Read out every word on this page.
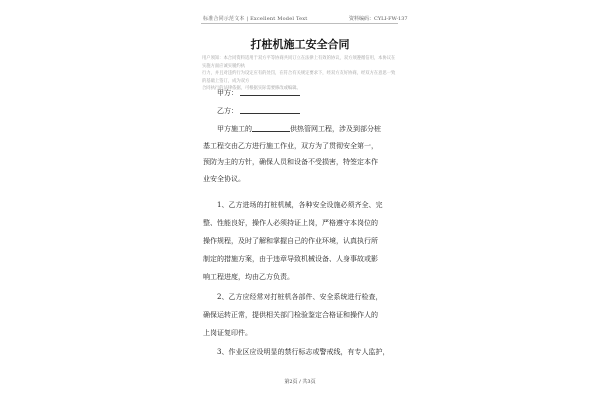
标准合同示范文本 | Excellent Model Text	资料编码：CYLI-FW-137
打桩机施工安全合同
用户须知：本合同资料适用于双方平等协商共同订立在法律上有效的协议，双方须遵循信用，本协议在实施方面应诚实履约执
行力，并且对违约行为设定应有的处罚，在符合有关规定要求下，经双方友好协商，经双方在意思一致的基础上签订，成为双方
合同执行的法律依据，可根据实际需要修改或编辑。
甲方：
乙方：
甲方施工的	供热管网工程，涉及到部分桩
基工程交由乙方进行施工作业，双方为了贯彻安全第一，
预防为主的方针，确保人员和设备不受损害，特签定本作
业安全协议。
1、乙方进场的打桩机械，各种安全设施必须齐全、完
整、性能良好，操作人必须持证上岗，严格遵守本岗位的
操作规程，及时了解和掌握自己的作业环境，认真执行所
制定的措施方案，由于违章导致机械设备、人身事故或影
响工程进度，均由乙方负责。
2、乙方应经常对打桩机各部件、安全系统进行检查，
确保运转正常，提供相关部门检验鉴定合格证和操作人的
上岗证复印件。
3、作业区应设明显的禁行标志或警戒线，有专人监护，
第2页 / 共3页
